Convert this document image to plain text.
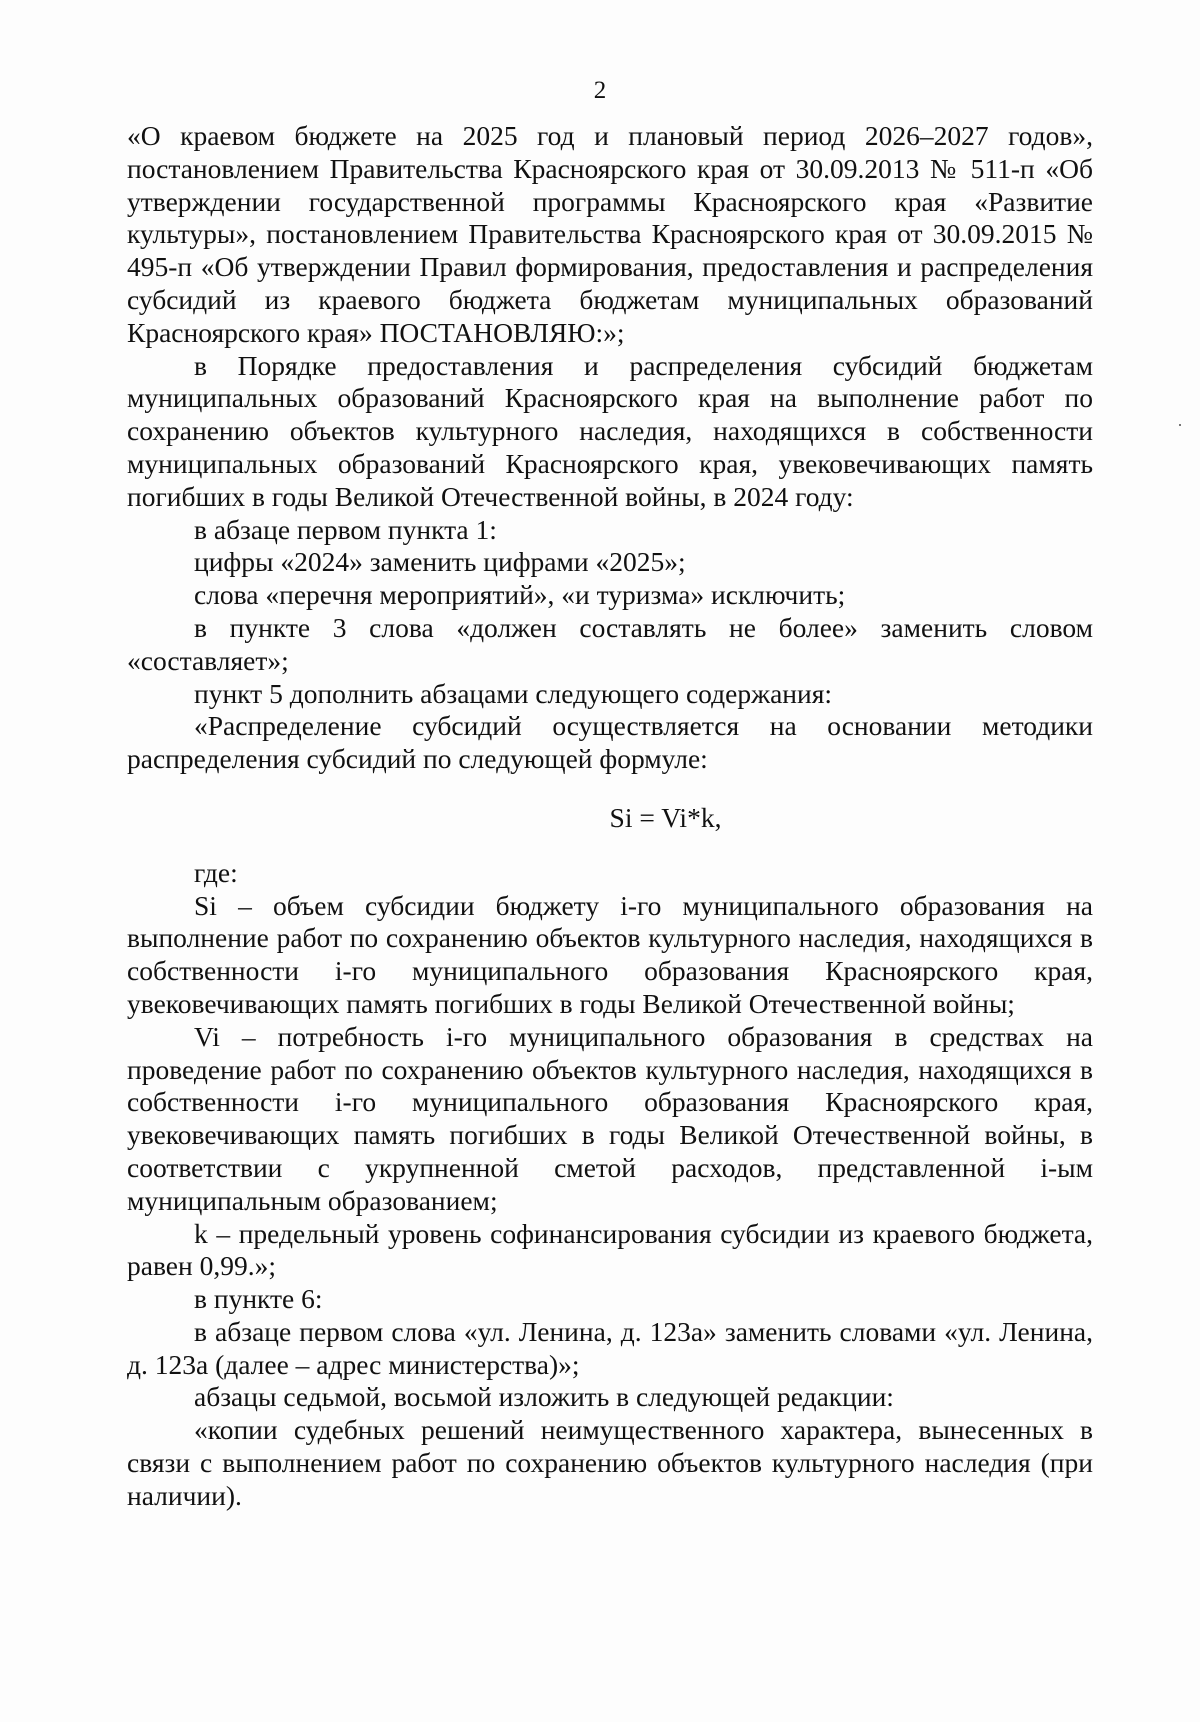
2

«О краевом бюджете на 2025 год и плановый период 2026–2027 годов», постановлением Правительства Красноярского края от 30.09.2013 № 511-п «Об утверждении государственной программы Красноярского края «Развитие культуры», постановлением Правительства Красноярского края от 30.09.2015 № 495-п «Об утверждении Правил формирования, предоставления и распределения субсидий из краевого бюджета бюджетам муниципальных образований Красноярского края» ПОСТАНОВЛЯЮ:»;

в Порядке предоставления и распределения субсидий бюджетам муниципальных образований Красноярского края на выполнение работ по сохранению объектов культурного наследия, находящихся в собственности муниципальных образований Красноярского края, увековечивающих память погибших в годы Великой Отечественной войны, в 2024 году:

в абзаце первом пункта 1:

цифры «2024» заменить цифрами «2025»;

слова «перечня мероприятий», «и туризма» исключить;

в пункте 3 слова «должен составлять не более» заменить словом «составляет»;

пункт 5 дополнить абзацами следующего содержания:

«Распределение субсидий осуществляется на основании методики распределения субсидий по следующей формуле:

Si = Vi*k,

где:

Si – объем субсидии бюджету i-го муниципального образования на выполнение работ по сохранению объектов культурного наследия, находящихся в собственности i-го муниципального образования Красноярского края, увековечивающих память погибших в годы Великой Отечественной войны;

Vi – потребность i-го муниципального образования в средствах на проведение работ по сохранению объектов культурного наследия, находящихся в собственности i-го муниципального образования Красноярского края, увековечивающих память погибших в годы Великой Отечественной войны, в соответствии с укрупненной сметой расходов, представленной i-ым муниципальным образованием;

k – предельный уровень софинансирования субсидии из краевого бюджета, равен 0,99.»;

в пункте 6:

в абзаце первом слова «ул. Ленина, д. 123а» заменить словами «ул. Ленина, д. 123а (далее – адрес министерства)»;

абзацы седьмой, восьмой изложить в следующей редакции:

«копии судебных решений неимущественного характера, вынесенных в связи с выполнением работ по сохранению объектов культурного наследия (при наличии).
